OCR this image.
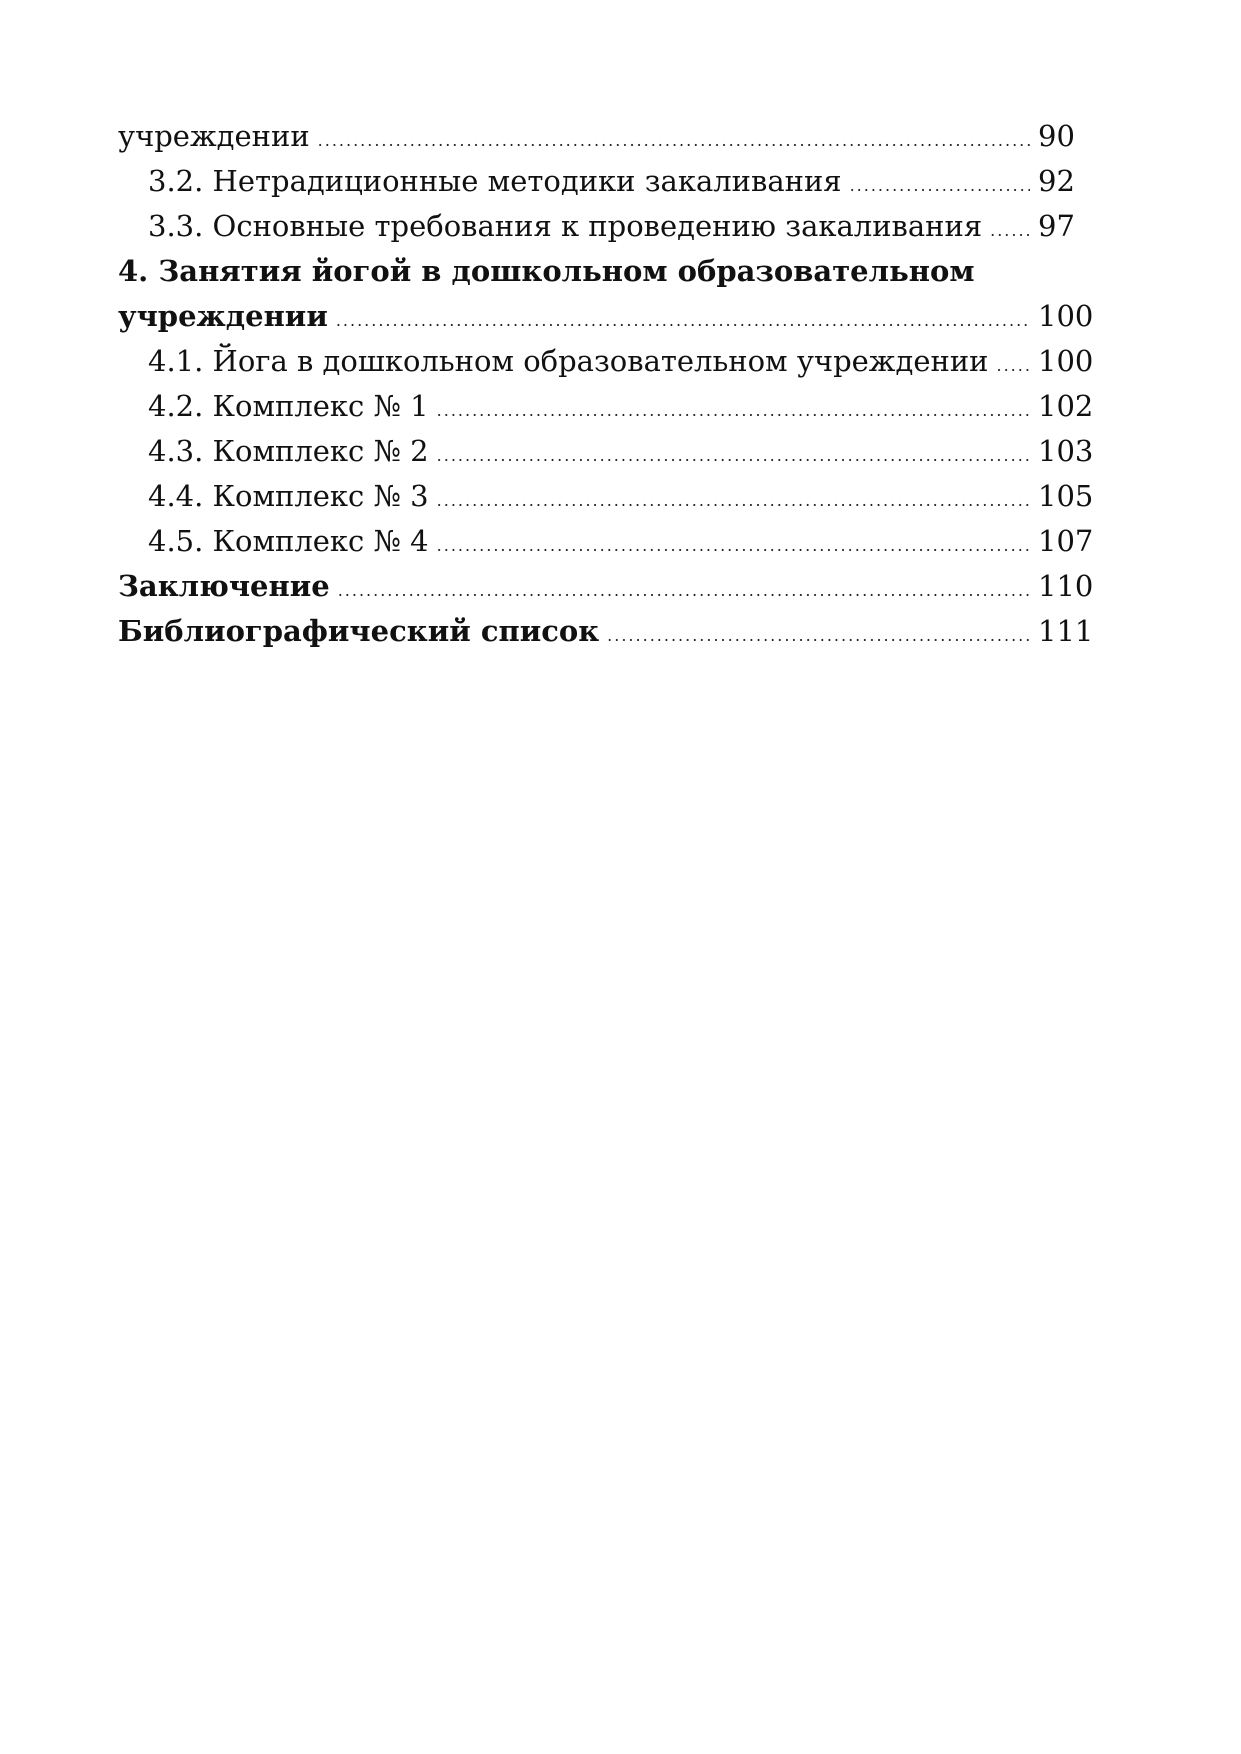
учреждении .....	90
3.2. Нетрадиционные методики закаливания .....	92
3.3. Основные требования к проведению закаливания ..... 97
4. Занятия йогой в дошкольном образовательном
учреждении .....	100
4.1. Йога в дошкольном образовательном учреждении ..... 100
4.2. Комплекс № 1 .....	102
4.3. Комплекс № 2 .....	103
4.4. Комплекс № 3 .....	105
4.5. Комплекс № 4 .....	107
Заключение .....	110
Библиографический список .....	111
